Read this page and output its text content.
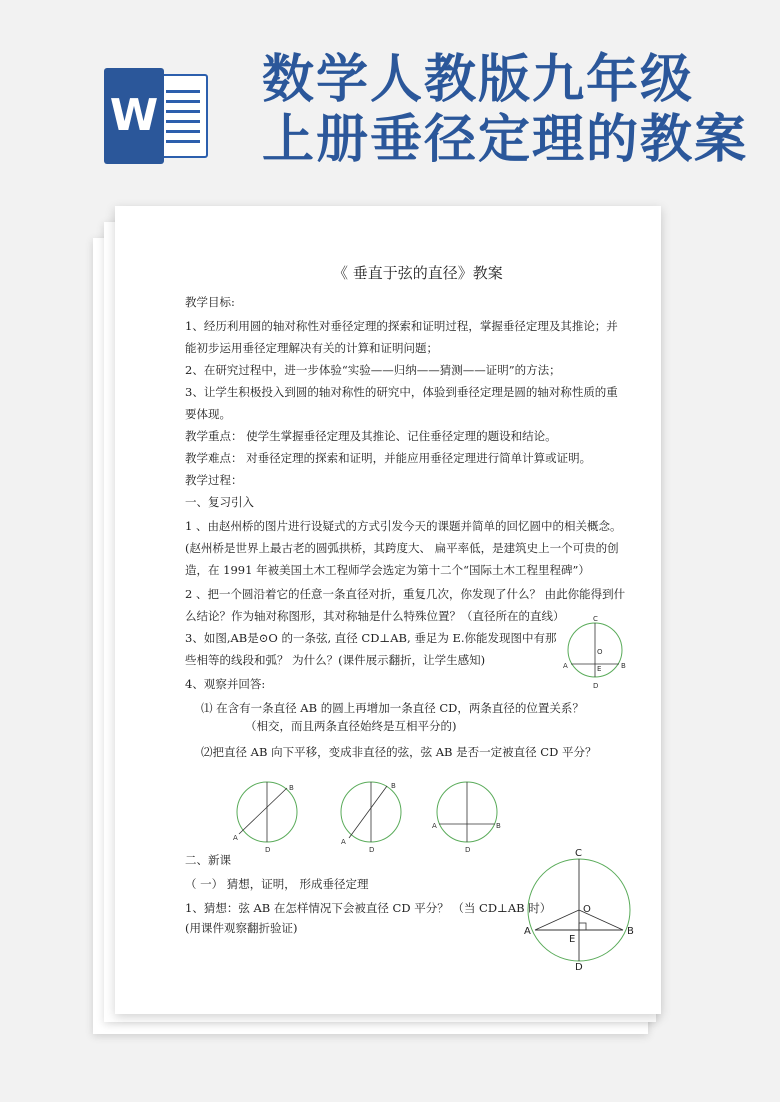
W
数学人教版九年级
上册垂径定理的教案
《 垂直于弦的直径》教案
教学目标:
1、经历利用圆的轴对称性对垂径定理的探索和证明过程，掌握垂径定理及其推论；并
能初步运用垂径定理解决有关的计算和证明问题；
2、在研究过程中，进一步体验“实验——归纳——猜测——证明”的方法；
3、让学生积极投入到圆的轴对称性的研究中，体验到垂径定理是圆的轴对称性质的重
要体现。
教学重点： 使学生掌握垂径定理及其推论、记住垂径定理的题设和结论。
教学难点： 对垂径定理的探索和证明，并能应用垂径定理进行简单计算或证明。
教学过程：
一、复习引入
1 、由赵州桥的图片进行设疑式的方式引发今天的课题并简单的回忆圆中的相关概念。
(赵州桥是世界上最古老的圆弧拱桥，其跨度大、 扁平率低，是建筑史上一个可贵的创
造，在 1991 年被美国土木工程师学会选定为第十二个“国际土木工程里程碑”）
2 、把一个圆沿着它的任意一条直径对折，重复几次，你发现了什么？ 由此你能得到什
么结论？作为轴对称图形，其对称轴是什么特殊位置？（直径所在的直线）
3、如图,AB是⊙O 的一条弦, 直径 CD⊥AB, 垂足为 E.你能发现图中有那
些相等的线段和弧？ 为什么？(课件展示翻折，让学生感知)
4、观察并回答:
⑴ 在含有一条直径 AB 的圆上再增加一条直径 CD，两条直径的位置关系？
（相交，而且两条直径始终是互相平分的)
⑵把直径 AB 向下平移，变成非直径的弦，弦 AB 是否一定被直径 CD 平分？
二、新课
（ 一） 猜想，证明， 形成垂径定理
1、猜想：弦 AB 在怎样情况下会被直径 CD 平分？ （当 CD⊥AB 时）
(用课件观察翻折验证)
C
A	B
O
E
D
A
B
D
A
B
D
A	B
D	C
A	B
O
E
D
